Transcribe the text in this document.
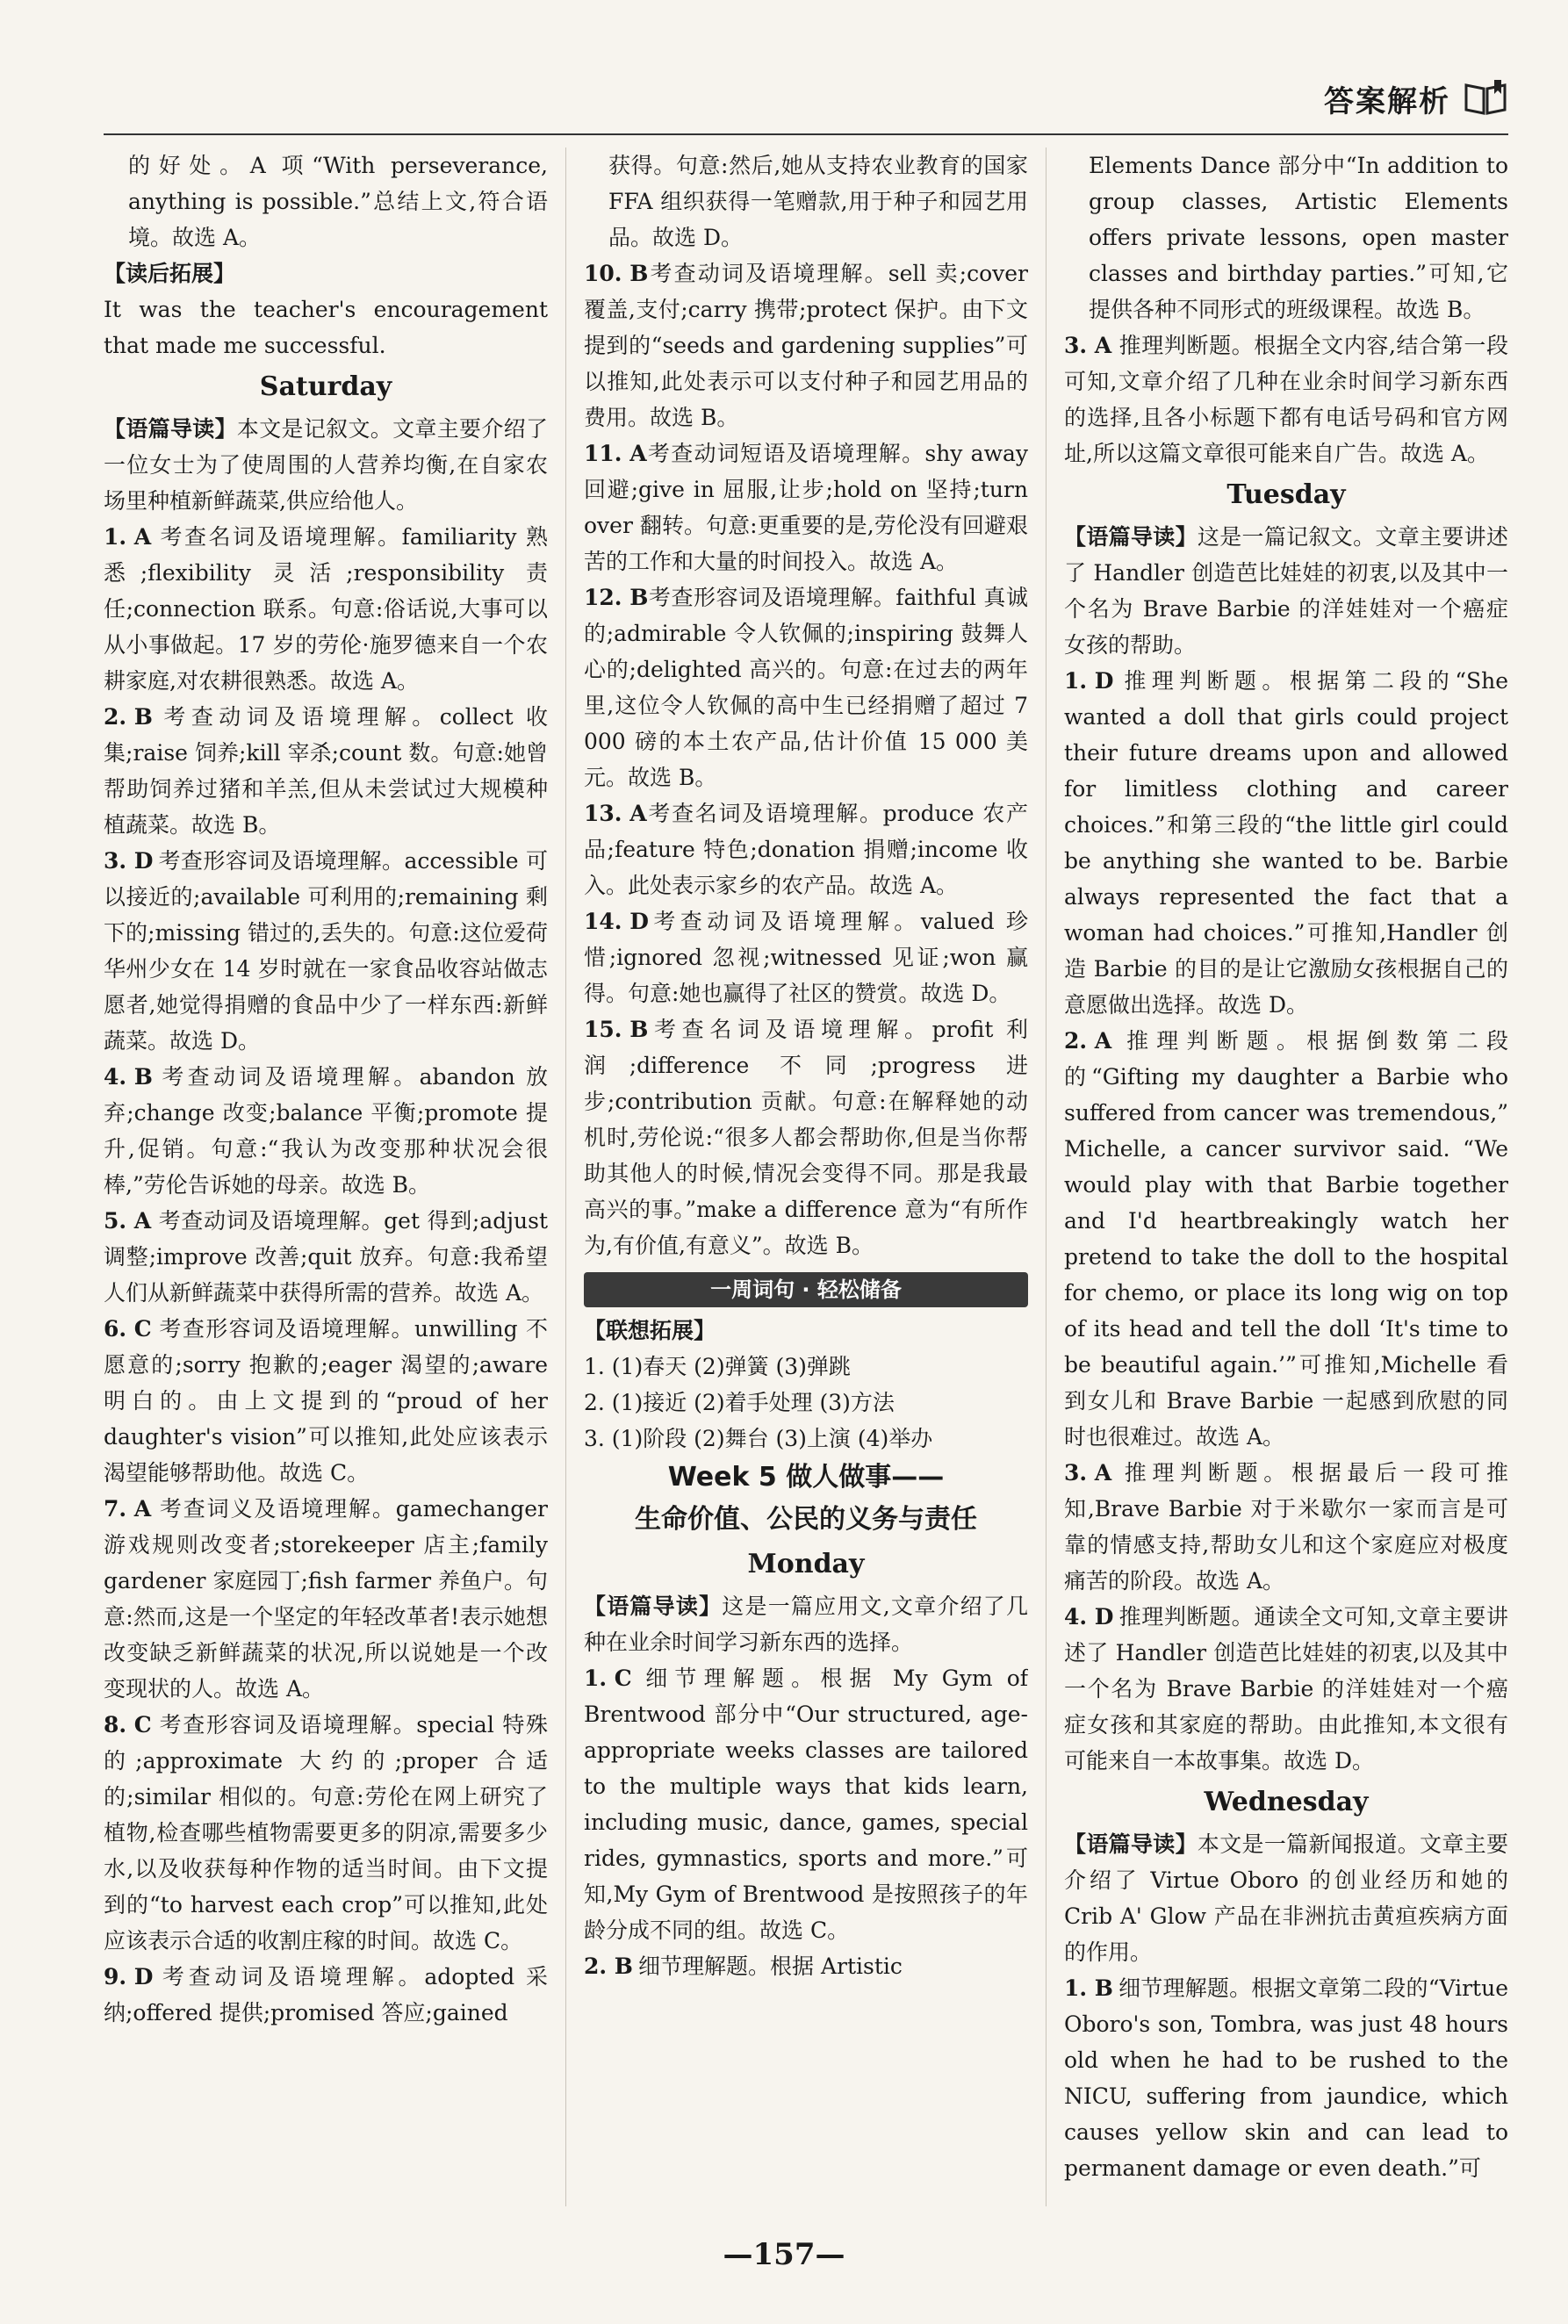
答案解析

的好处。A 项“With perseverance, anything is possible.”总结上文,符合语境。故选 A。

【读后拓展】

It was the teacher's encouragement that made me successful.

Saturday

【语篇导读】本文是记叙文。文章主要介绍了一位女士为了使周围的人营养均衡,在自家农场里种植新鲜蔬菜,供应给他人。

1. A 考查名词及语境理解。familiarity 熟悉;flexibility 灵活;responsibility 责任;connection 联系。句意:俗话说,大事可以从小事做起。17 岁的劳伦·施罗德来自一个农耕家庭,对农耕很熟悉。故选 A。

2. B 考查动词及语境理解。collect 收集;raise 饲养;kill 宰杀;count 数。句意:她曾帮助饲养过猪和羊羔,但从未尝试过大规模种植蔬菜。故选 B。

3. D 考查形容词及语境理解。accessible 可以接近的;available 可利用的;remaining 剩下的;missing 错过的,丢失的。句意:这位爱荷华州少女在 14 岁时就在一家食品收容站做志愿者,她觉得捐赠的食品中少了一样东西:新鲜蔬菜。故选 D。

4. B 考查动词及语境理解。abandon 放弃;change 改变;balance 平衡;promote 提升,促销。句意:“我认为改变那种状况会很棒,”劳伦告诉她的母亲。故选 B。

5. A 考查动词及语境理解。get 得到;adjust 调整;improve 改善;quit 放弃。句意:我希望人们从新鲜蔬菜中获得所需的营养。故选 A。

6. C 考查形容词及语境理解。unwilling 不愿意的;sorry 抱歉的;eager 渴望的;aware 明白的。由上文提到的“proud of her daughter's vision”可以推知,此处应该表示渴望能够帮助他。故选 C。

7. A 考查词义及语境理解。gamechanger 游戏规则改变者;storekeeper 店主;family gardener 家庭园丁;fish farmer 养鱼户。句意:然而,这是一个坚定的年轻改革者!表示她想改变缺乏新鲜蔬菜的状况,所以说她是一个改变现状的人。故选 A。

8. C 考查形容词及语境理解。special 特殊的;approximate 大约的;proper 合适的;similar 相似的。句意:劳伦在网上研究了植物,检查哪些植物需要更多的阴凉,需要多少水,以及收获每种作物的适当时间。由下文提到的“to harvest each crop”可以推知,此处应该表示合适的收割庄稼的时间。故选 C。

9. D 考查动词及语境理解。adopted 采纳;offered 提供;promised 答应;gained

获得。句意:然后,她从支持农业教育的国家 FFA 组织获得一笔赠款,用于种子和园艺用品。故选 D。

10. B考查动词及语境理解。sell 卖;cover 覆盖,支付;carry 携带;protect 保护。由下文提到的“seeds and gardening supplies”可以推知,此处表示可以支付种子和园艺用品的费用。故选 B。

11. A考查动词短语及语境理解。shy away 回避;give in 屈服,让步;hold on 坚持;turn over 翻转。句意:更重要的是,劳伦没有回避艰苦的工作和大量的时间投入。故选 A。

12. B考查形容词及语境理解。faithful 真诚的;admirable 令人钦佩的;inspiring 鼓舞人心的;delighted 高兴的。句意:在过去的两年里,这位令人钦佩的高中生已经捐赠了超过 7 000 磅的本土农产品,估计价值 15 000 美元。故选 B。

13. A考查名词及语境理解。produce 农产品;feature 特色;donation 捐赠;income 收入。此处表示家乡的农产品。故选 A。

14. D考查动词及语境理解。valued 珍惜;ignored 忽视;witnessed 见证;won 赢得。句意:她也赢得了社区的赞赏。故选 D。

15. B考查名词及语境理解。profit 利润;difference 不同;progress 进步;contribution 贡献。句意:在解释她的动机时,劳伦说:“很多人都会帮助你,但是当你帮助其他人的时候,情况会变得不同。那是我最高兴的事。”make a difference 意为“有所作为,有价值,有意义”。故选 B。

一周词句 · 轻松储备

【联想拓展】

1. (1)春天 (2)弹簧 (3)弹跳

2. (1)接近 (2)着手处理 (3)方法

3. (1)阶段 (2)舞台 (3)上演 (4)举办

Week 5 做人做事——
生命价值、公民的义务与责任
Monday

【语篇导读】这是一篇应用文,文章介绍了几种在业余时间学习新东西的选择。

1. C 细节理解题。根据 My Gym of Brentwood 部分中“Our structured, age-appropriate weeks classes are tailored to the multiple ways that kids learn, including music, dance, games, special rides, gymnastics, sports and more.”可知,My Gym of Brentwood 是按照孩子的年龄分成不同的组。故选 C。

2. B 细节理解题。根据 Artistic

Elements Dance 部分中“In addition to group classes, Artistic Elements offers private lessons, open master classes and birthday parties.”可知,它提供各种不同形式的班级课程。故选 B。

3. A 推理判断题。根据全文内容,结合第一段可知,文章介绍了几种在业余时间学习新东西的选择,且各小标题下都有电话号码和官方网址,所以这篇文章很可能来自广告。故选 A。

Tuesday

【语篇导读】这是一篇记叙文。文章主要讲述了 Handler 创造芭比娃娃的初衷,以及其中一个名为 Brave Barbie 的洋娃娃对一个癌症女孩的帮助。

1. D 推理判断题。根据第二段的“She wanted a doll that girls could project their future dreams upon and allowed for limitless clothing and career choices.”和第三段的“the little girl could be anything she wanted to be. Barbie always represented the fact that a woman had choices.”可推知,Handler 创造 Barbie 的目的是让它激励女孩根据自己的意愿做出选择。故选 D。

2. A 推理判断题。根据倒数第二段的“Gifting my daughter a Barbie who suffered from cancer was tremendous,” Michelle, a cancer survivor said. “We would play with that Barbie together and I'd heartbreakingly watch her pretend to take the doll to the hospital for chemo, or place its long wig on top of its head and tell the doll ‘It's time to be beautiful again.’”可推知,Michelle 看到女儿和 Brave Barbie 一起感到欣慰的同时也很难过。故选 A。

3. A 推理判断题。根据最后一段可推知,Brave Barbie 对于米歇尔一家而言是可靠的情感支持,帮助女儿和这个家庭应对极度痛苦的阶段。故选 A。

4. D 推理判断题。通读全文可知,文章主要讲述了 Handler 创造芭比娃娃的初衷,以及其中一个名为 Brave Barbie 的洋娃娃对一个癌症女孩和其家庭的帮助。由此推知,本文很有可能来自一本故事集。故选 D。

Wednesday

【语篇导读】本文是一篇新闻报道。文章主要介绍了 Virtue Oboro 的创业经历和她的 Crib A' Glow 产品在非洲抗击黄疸疾病方面的作用。

1. B 细节理解题。根据文章第二段的“Virtue Oboro's son, Tombra, was just 48 hours old when he had to be rushed to the NICU, suffering from jaundice, which causes yellow skin and can lead to permanent damage or even death.”可

—157—
